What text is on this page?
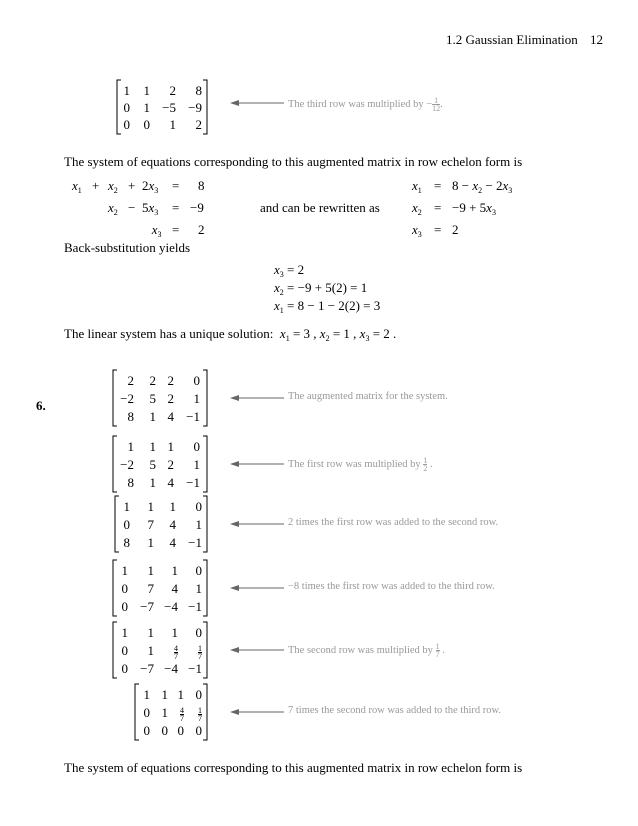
1.2 Gaussian Elimination 12
1	1	2	8
0	1 −5 −9
0	0	1	2
The third row was multiplied by − $\frac{1}{12}$ .
The system of equations corresponding to this augmented matrix in row echelon form is
$x_1 + x_2 + 2x_3 = 8$
$x_2 - 5x_3 = -9$
$x_3 = 2$
and can be rewritten as
$x_1 = 8 - x_2 - 2x_3$
$x_2 = -9 + 5x_3$
$x_3 = 2$
Back-substitution yields
$x_3 = 2$
$x_2 = -9 + 5(2) = 1$
$x_1 = 8 - 1 - 2(2) = 3$
The linear system has a unique solution: $x_1 = 3$ , $x_2 = 1$ , $x_3 = 2$ .
6.
2	2 2	0
−2	5 2	1
8	1 4 −1
The augmented matrix for the system.
1	1 1	0
−2	5 2	1
8	1 4 −1
The first row was multiplied by $\frac{1}{2}$ .
1	1	1	0
0	7	4	1
8	1	4 −1
2 times the first row was added to the second row.
1	1	1	0
0	7	4	1
0 −7 −4 −1
−8 times the first row was added to the third row.
1	1	1	0
0	1	$\frac{4}{7}$	$\frac{1}{7}$
0 −7 −4 −1
The second row was multiplied by $\frac{1}{7}$ .
1 1 1 0
0 $1 \frac{4}{7} \frac{1}{7}$
0 0 0 0
7 times the second row was added to the third row.
The system of equations corresponding to this augmented matrix in row echelon form is
